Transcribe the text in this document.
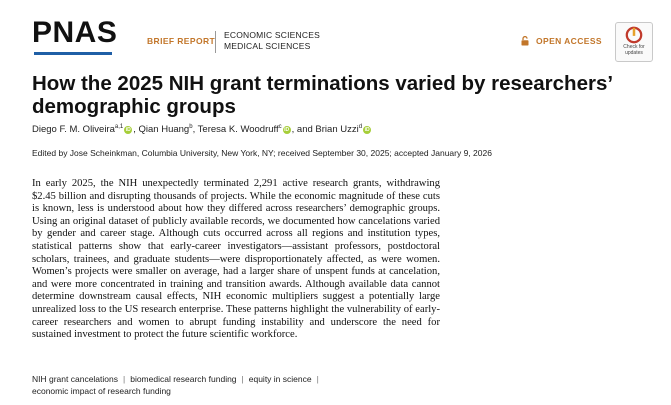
PNAS	BRIEF REPORT
ECONOMIC SCIENCES
MEDICAL SCIENCES	OPEN ACCESS
Check for updates
How the 2025 NIH grant terminations varied by researchers’ demographic groups
Diego F. M. Oliveira$^{a,1}$ iD , Qian Huang$^b$, Teresa K. Woodruff$^c$ iD , and Brian Uzzi$^d$ iD
Edited by Jose Scheinkman, Columbia University, New York, NY; received September 30, 2025; accepted January 9, 2026

In early 2025, the NIH unexpectedly terminated 2,291 active research grants, withdrawing $2.45 billion and disrupting thousands of projects. While the economic magnitude of these cuts is known, less is understood about how they differed across researchers’ demographic groups. Using an original dataset of publicly available records, we documented how cancelations varied by gender and career stage. Although cuts occurred across all regions and institution types, statistical patterns show that early-career investigators—assistant professors, postdoctoral scholars, trainees, and graduate students—were disproportionately affected, as were women. Women’s projects were smaller on average, had a larger share of unspent funds at cancelation, and were more concentrated in training and transition awards. Although available data cannot determine downstream causal effects, NIH economic multipliers suggest a potentially large unrealized loss to the US research enterprise. These patterns highlight the vulnerability of early-career researchers and women to abrupt funding instability and underscore the need for sustained investment to protect the future scientific workforce.

NIH grant cancelations | biomedical research funding | equity in science |
economic impact of research funding
